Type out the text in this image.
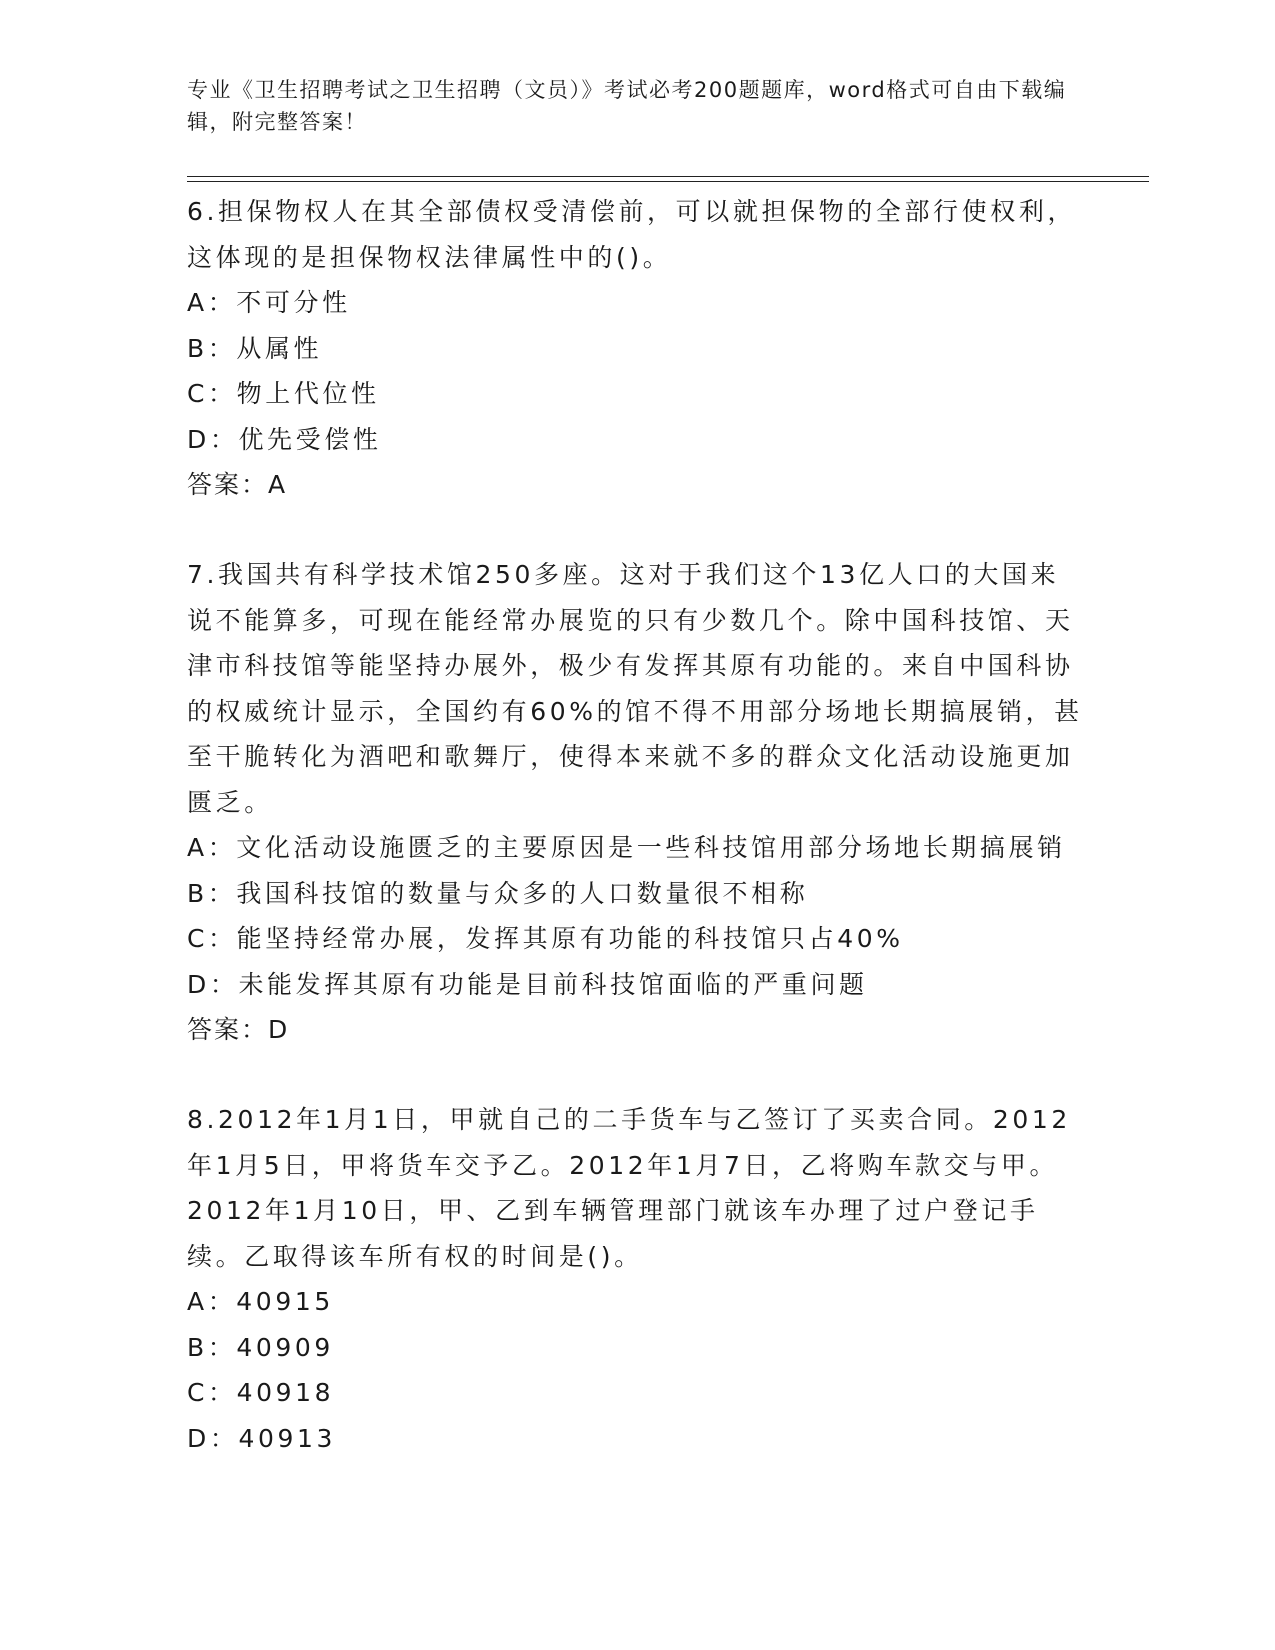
专业《卫生招聘考试之卫生招聘（文员）》考试必考200题题库，word格式可自由下载编辑，附完整答案！

6.担保物权人在其全部债权受清偿前，可以就担保物的全部行使权利，这体现的是担保物权法律属性中的()。

A：不可分性

B：从属性

C：物上代位性

D：优先受偿性

答案：A

7.我国共有科学技术馆250多座。这对于我们这个13亿人口的大国来说不能算多，可现在能经常办展览的只有少数几个。除中国科技馆、天津市科技馆等能坚持办展外，极少有发挥其原有功能的。来自中国科协的权威统计显示，全国约有60%的馆不得不用部分场地长期搞展销，甚至干脆转化为酒吧和歌舞厅，使得本来就不多的群众文化活动设施更加匮乏。

A：文化活动设施匮乏的主要原因是一些科技馆用部分场地长期搞展销

B：我国科技馆的数量与众多的人口数量很不相称

C：能坚持经常办展，发挥其原有功能的科技馆只占40%

D：未能发挥其原有功能是目前科技馆面临的严重问题

答案：D

8.2012年1月1日，甲就自己的二手货车与乙签订了买卖合同。2012年1月5日，甲将货车交予乙。2012年1月7日，乙将购车款交与甲。2012年1月10日，甲、乙到车辆管理部门就该车办理了过户登记手续。乙取得该车所有权的时间是()。

A：40915

B：40909

C：40918

D：40913
